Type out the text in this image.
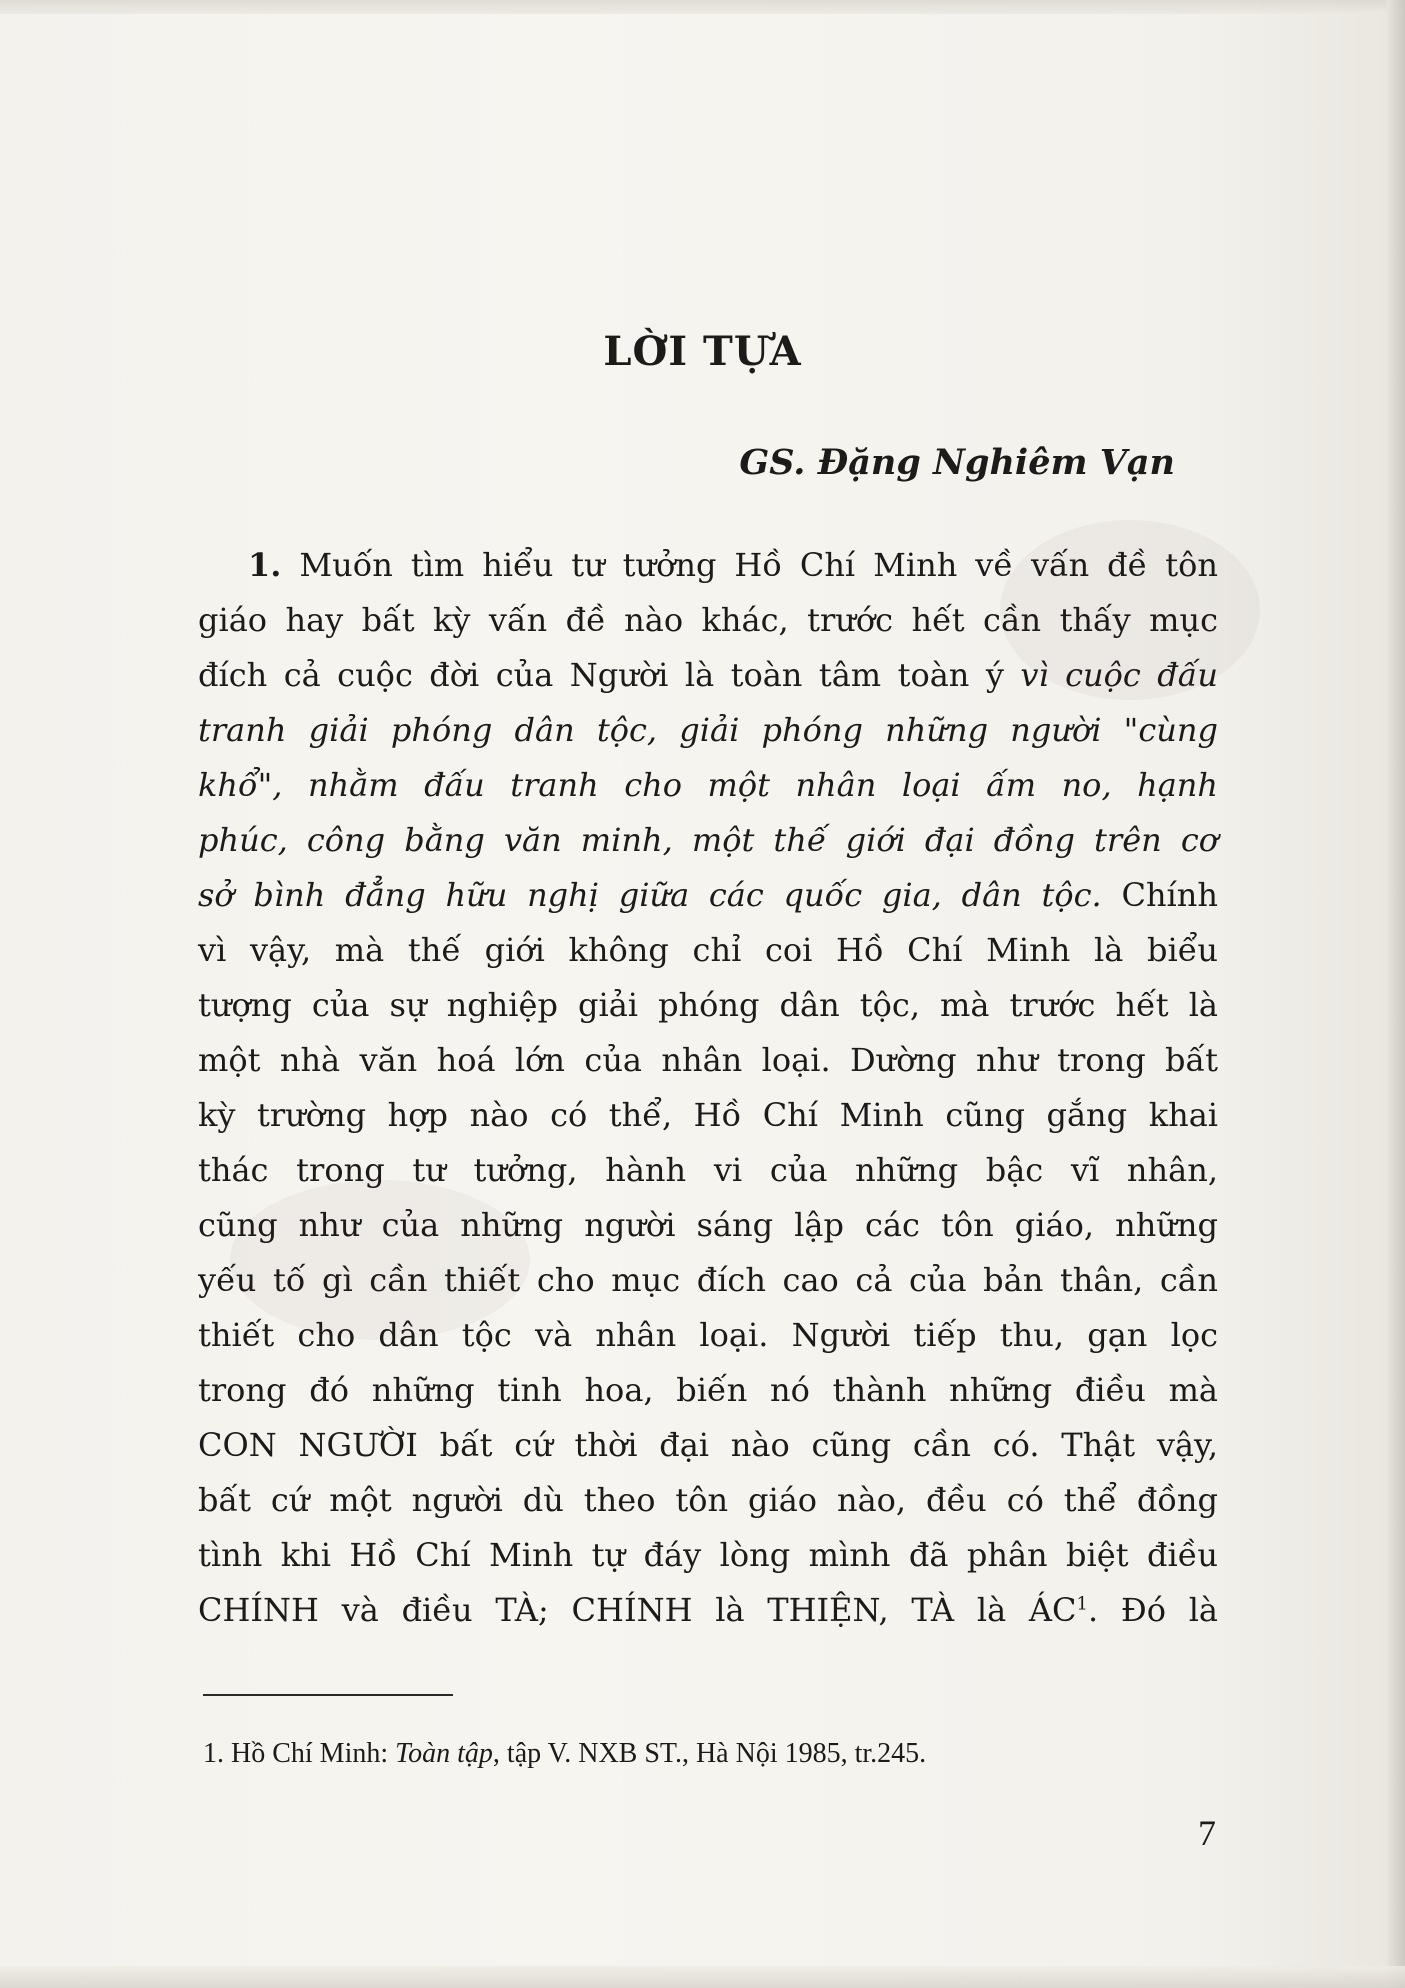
LỜI TỰA
GS. Đặng Nghiêm Vạn
1. Muốn tìm hiểu tư tưởng Hồ Chí Minh về vấn đề tôn
giáo hay bất kỳ vấn đề nào khác, trước hết cần thấy mục
đích cả cuộc đời của Người là toàn tâm toàn ý vì cuộc đấu
tranh giải phóng dân tộc, giải phóng những người "cùng
khổ", nhằm đấu tranh cho một nhân loại ấm no, hạnh
phúc, công bằng văn minh, một thế giới đại đồng trên cơ
sở bình đẳng hữu nghị giữa các quốc gia, dân tộc. Chính
vì vậy, mà thế giới không chỉ coi Hồ Chí Minh là biểu
tượng của sự nghiệp giải phóng dân tộc, mà trước hết là
một nhà văn hoá lớn của nhân loại. Dường như trong bất
kỳ trường hợp nào có thể, Hồ Chí Minh cũng gắng khai
thác trong tư tưởng, hành vi của những bậc vĩ nhân,
cũng như của những người sáng lập các tôn giáo, những
yếu tố gì cần thiết cho mục đích cao cả của bản thân, cần
thiết cho dân tộc và nhân loại. Người tiếp thu, gạn lọc
trong đó những tinh hoa, biến nó thành những điều mà
CON NGƯỜI bất cứ thời đại nào cũng cần có. Thật vậy,
bất cứ một người dù theo tôn giáo nào, đều có thể đồng
tình khi Hồ Chí Minh tự đáy lòng mình đã phân biệt điều
CHÍNH và điều TÀ; CHÍNH là THIỆN, TÀ là $ÁC^1$. Đó là
1. Hồ Chí Minh: Toàn tập, tập V. NXB ST., Hà Nội 1985, tr.245.
7
